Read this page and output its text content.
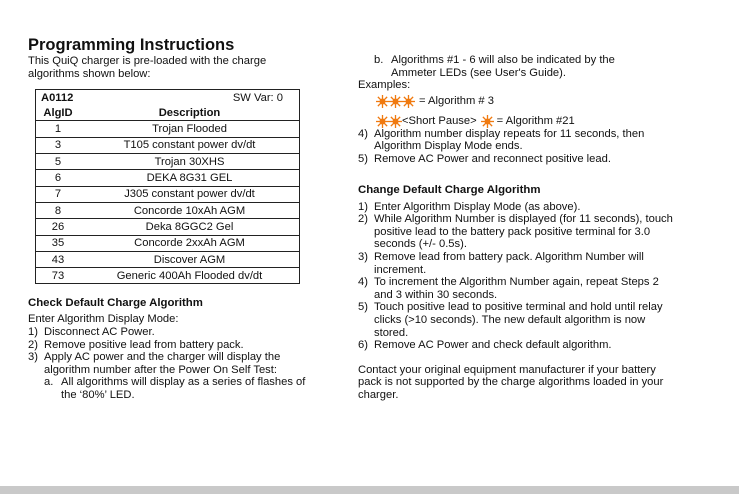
Programming Instructions

This QuiQ charger is pre-loaded with the charge algorithms shown below:

A0112	SW Var: 0
AlgID	Description
1	Trojan Flooded
3	T105 constant power dv/dt
5	Trojan 30XHS
6	DEKA 8G31 GEL
7	J305 constant power dv/dt
8	Concorde 10xAh AGM
26	Deka 8GGC2 Gel
35	Concorde 2xxAh AGM
43	Discover AGM
73	Generic 400Ah Flooded dv/dt
Check Default Charge Algorithm

Enter Algorithm Display Mode:

1) Disconnect AC Power.
2) Remove positive lead from battery pack.
3) Apply AC power and the charger will display the algorithm number after the Power On Self Test:
a. All algorithms will display as a series of flashes of the ‘80%’ LED.
b. Algorithms #1 - 6 will also be indicated by the Ammeter LEDs (see User's Guide).

Examples:

= Algorithm # 3
<Short Pause> = Algorithm #21
4) Algorithm number display repeats for 11 seconds, then Algorithm Display Mode ends.
5) Remove AC Power and reconnect positive lead.
Change Default Charge Algorithm
1) Enter Algorithm Display Mode (as above).
2) While Algorithm Number is displayed (for 11 seconds), touch positive lead to the battery pack positive terminal for 3.0 seconds (+/- 0.5s).
3) Remove lead from battery pack. Algorithm Number will increment.
4) To increment the Algorithm Number again, repeat Steps 2 and 3 within 30 seconds.
5) Touch positive lead to positive terminal and hold until relay clicks (>10 seconds). The new default algorithm is now stored.
6) Remove AC Power and check default algorithm.

Contact your original equipment manufacturer if your battery pack is not supported by the charge algorithms loaded in your charger.
